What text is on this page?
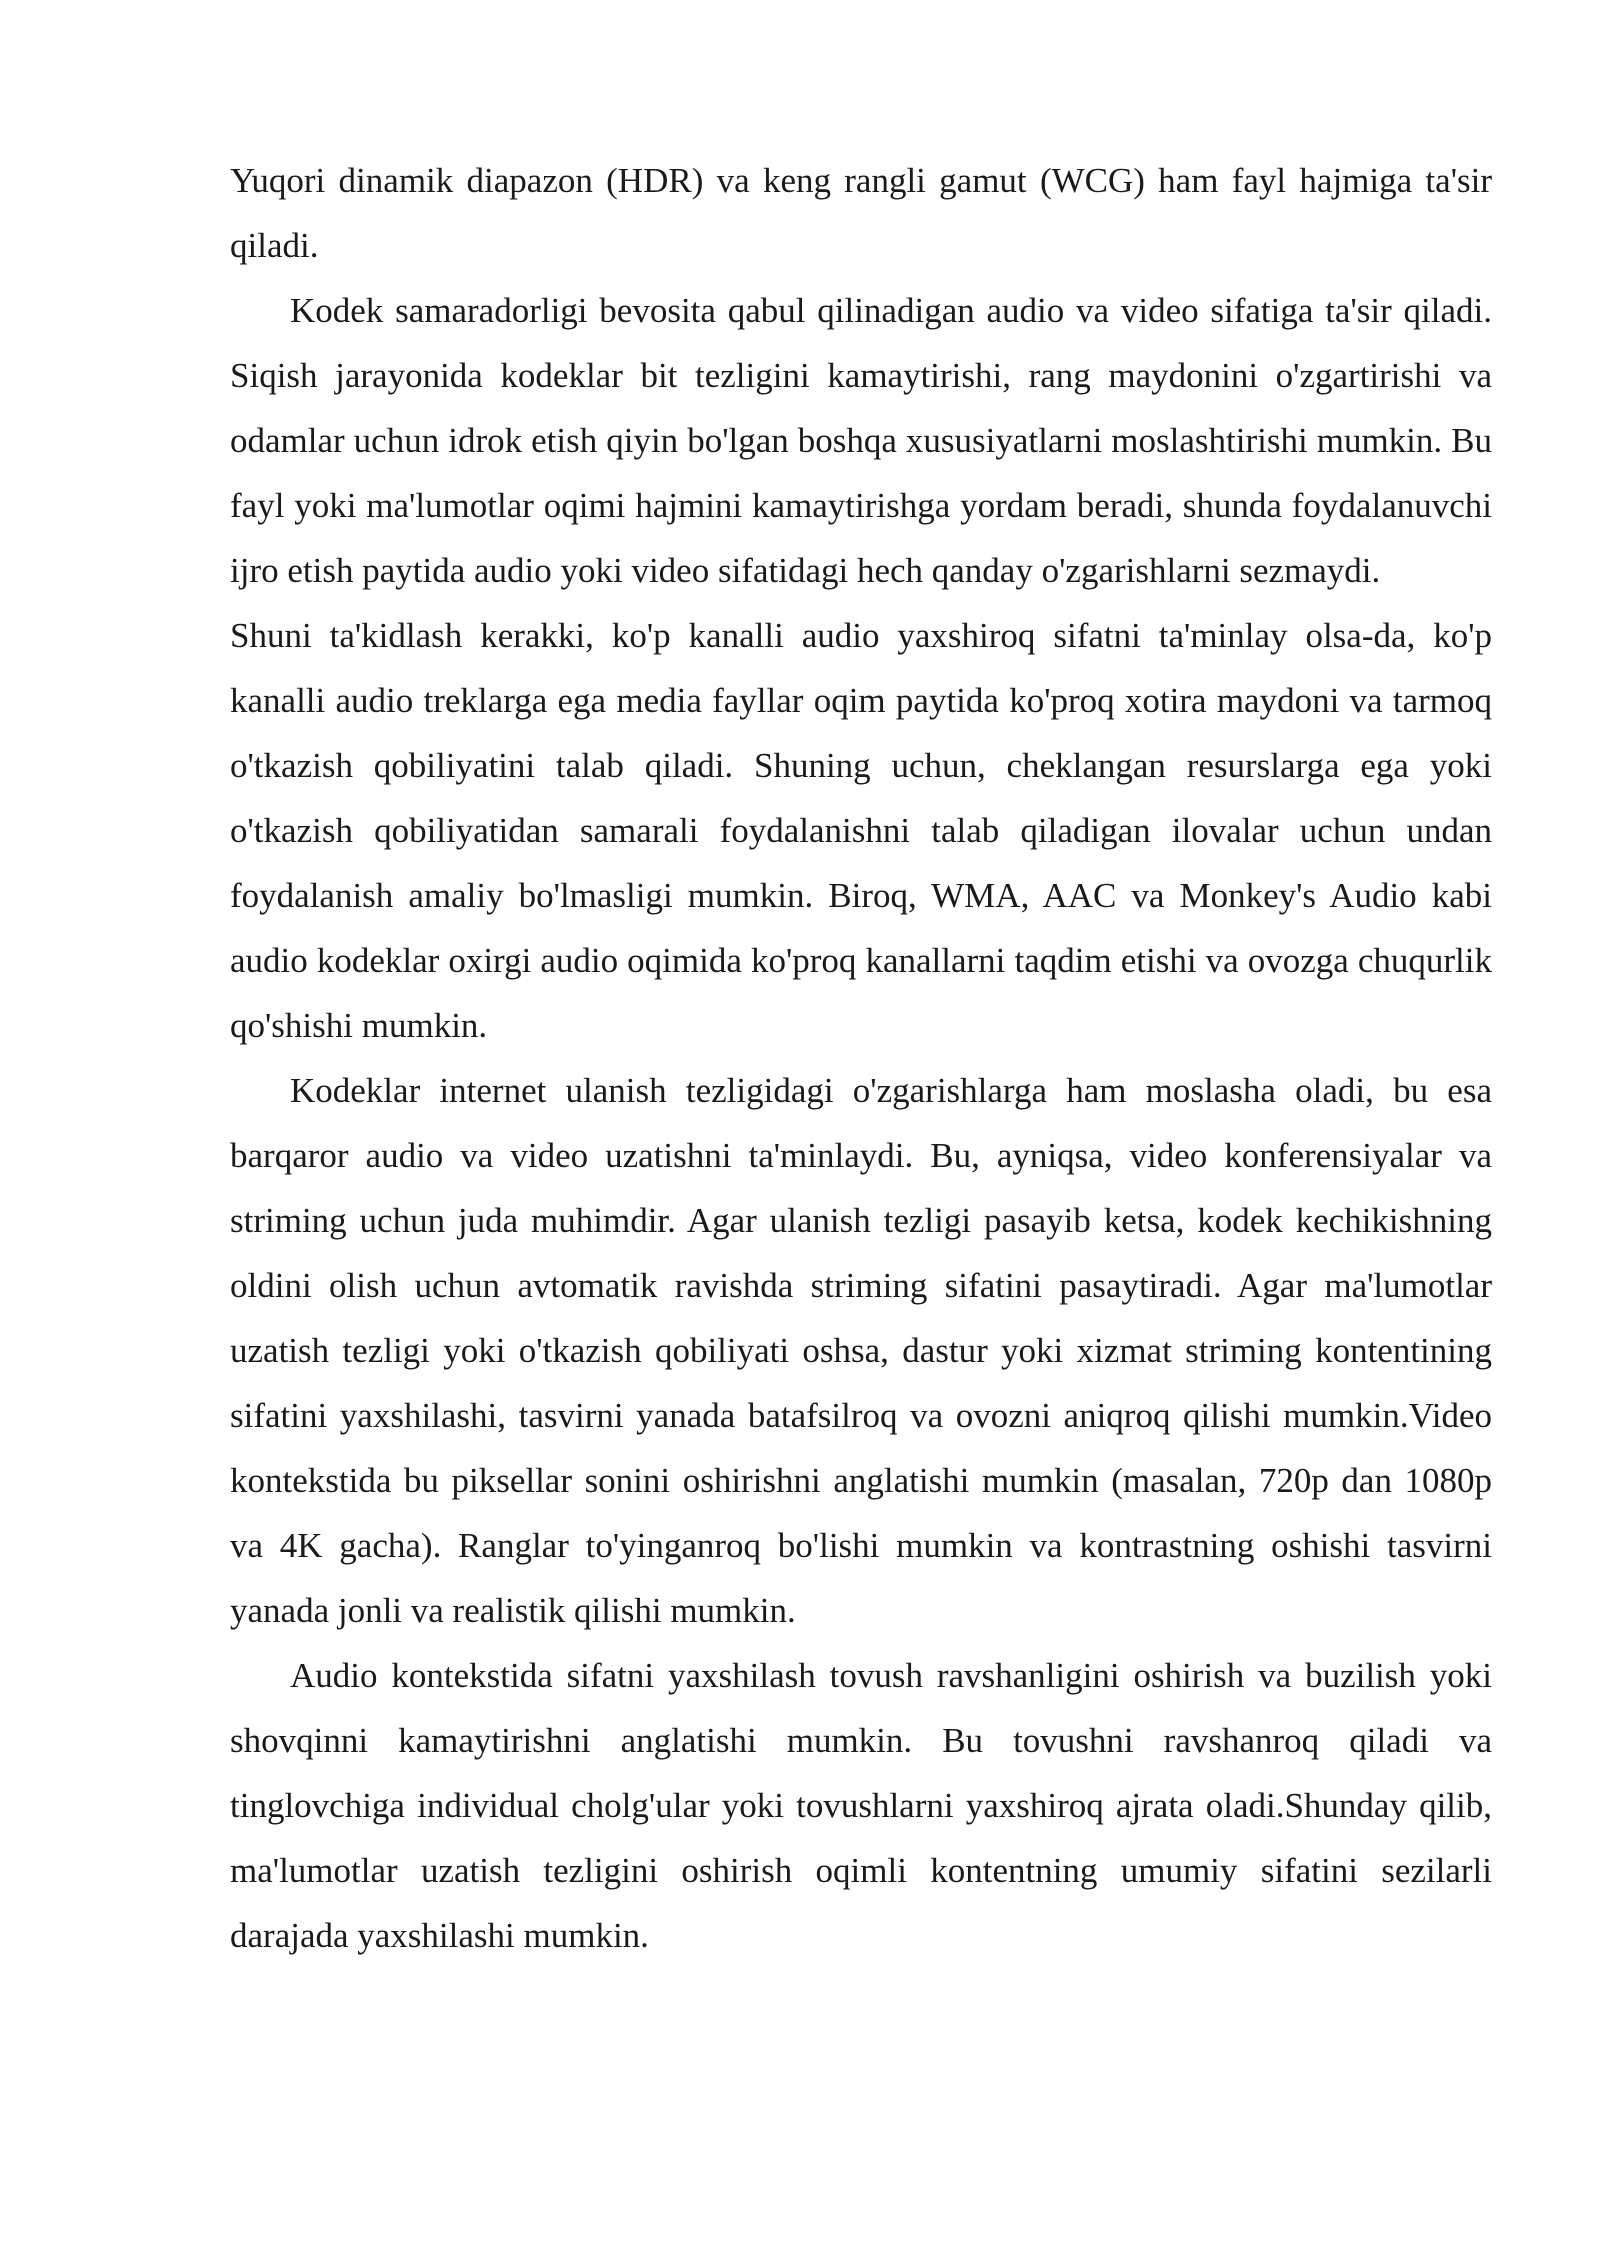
Yuqori dinamik diapazon (HDR) va keng rangli gamut (WCG) ham fayl hajmiga ta'sir qiladi.

Kodek samaradorligi bevosita qabul qilinadigan audio va video sifatiga ta'sir qiladi. Siqish jarayonida kodeklar bit tezligini kamaytirishi, rang maydonini o'zgartirishi va odamlar uchun idrok etish qiyin bo'lgan boshqa xususiyatlarni moslashtirishi mumkin. Bu fayl yoki ma'lumotlar oqimi hajmini kamaytirishga yordam beradi, shunda foydalanuvchi ijro etish paytida audio yoki video sifatidagi hech qanday o'zgarishlarni sezmaydi.

Shuni ta'kidlash kerakki, ko'p kanalli audio yaxshiroq sifatni ta'minlay olsa-da, ko'p kanalli audio treklarga ega media fayllar oqim paytida ko'proq xotira maydoni va tarmoq o'tkazish qobiliyatini talab qiladi. Shuning uchun, cheklangan resurslarga ega yoki o'tkazish qobiliyatidan samarali foydalanishni talab qiladigan ilovalar uchun undan foydalanish amaliy bo'lmasligi mumkin. Biroq, WMA, AAC va Monkey's Audio kabi audio kodeklar oxirgi audio oqimida ko'proq kanallarni taqdim etishi va ovozga chuqurlik qo'shishi mumkin.

Kodeklar internet ulanish tezligidagi o'zgarishlarga ham moslasha oladi, bu esa barqaror audio va video uzatishni ta'minlaydi. Bu, ayniqsa, video konferensiyalar va striming uchun juda muhimdir. Agar ulanish tezligi pasayib ketsa, kodek kechikishning oldini olish uchun avtomatik ravishda striming sifatini pasaytiradi. Agar ma'lumotlar uzatish tezligi yoki o'tkazish qobiliyati oshsa, dastur yoki xizmat striming kontentining sifatini yaxshilashi, tasvirni yanada batafsilroq va ovozni aniqroq qilishi mumkin.Video kontekstida bu piksellar sonini oshirishni anglatishi mumkin (masalan, 720p dan 1080p va 4K gacha). Ranglar to'yinganroq bo'lishi mumkin va kontrastning oshishi tasvirni yanada jonli va realistik qilishi mumkin.

Audio kontekstida sifatni yaxshilash tovush ravshanligini oshirish va buzilish yoki shovqinni kamaytirishni anglatishi mumkin. Bu tovushni ravshanroq qiladi va tinglovchiga individual cholg'ular yoki tovushlarni yaxshiroq ajrata oladi.Shunday qilib, ma'lumotlar uzatish tezligini oshirish oqimli kontentning umumiy sifatini sezilarli darajada yaxshilashi mumkin.
